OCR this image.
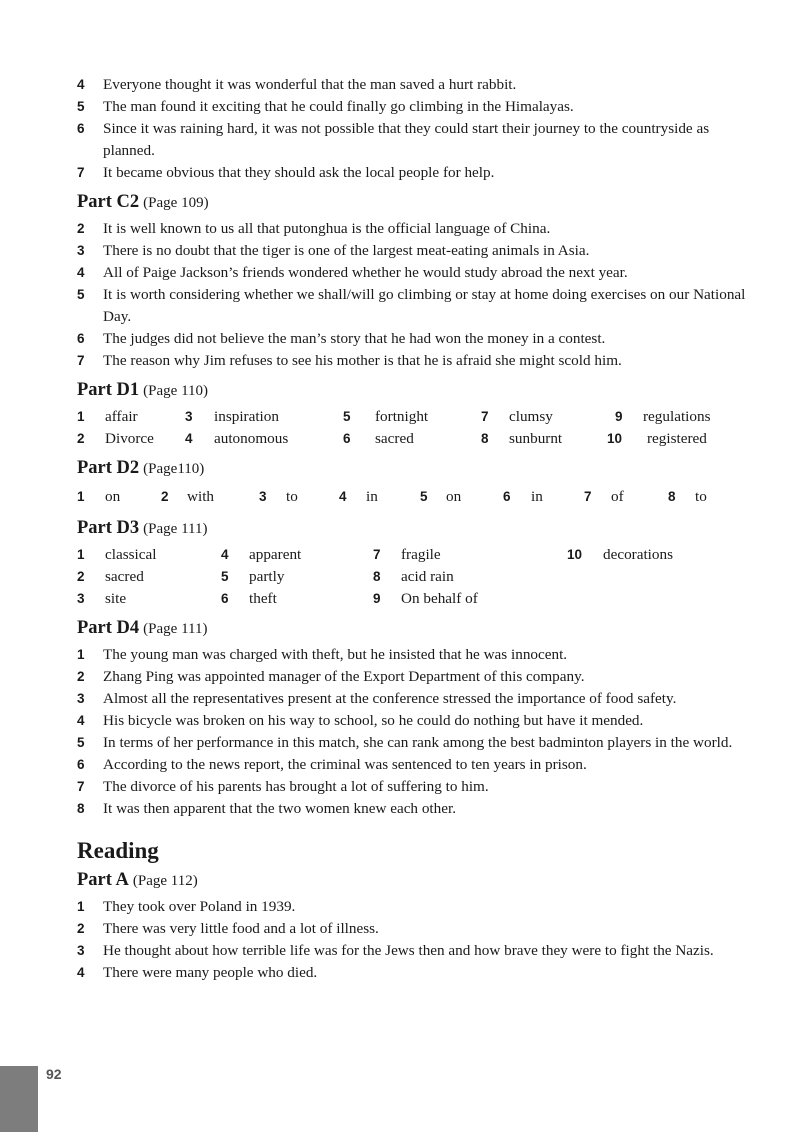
4	Everyone thought it was wonderful that the man saved a hurt rabbit.
5	The man found it exciting that he could finally go climbing in the Himalayas.
6	Since it was raining hard, it was not possible that they could start their journey to the countryside as planned.
7	It became obvious that they should ask the local people for help.
Part C2 (Page 109)
2	It is well known to us all that putonghua is the official language of China.
3	There is no doubt that the tiger is one of the largest meat-eating animals in Asia.
4	All of Paige Jackson’s friends wondered whether he would study abroad the next year.
5	It is worth considering whether we shall/will go climbing or stay at home doing exercises on our National Day.
6	The judges did not believe the man’s story that he had won the money in a contest.
7	The reason why Jim refuses to see his mother is that he is afraid she might scold him.
Part D1 (Page 110)
1	affair	3	inspiration	5	fortnight	7	clumsy	9	regulations
2	Divorce 4	autonomous	6	sacred	8	sunburnt	10	registered
Part D2 (Page110)
1	on	2	with	3	to	4	in	5	on	6	in	7	of	8	to
Part D3 (Page 111)
1	classical	4	apparent	7	fragile	10	decorations
2	sacred	5	partly	8	acid rain
3	site	6	theft	9	On behalf of
Part D4 (Page 111)
1	The young man was charged with theft, but he insisted that he was innocent.
2	Zhang Ping was appointed manager of the Export Department of this company.
3	Almost all the representatives present at the conference stressed the importance of food safety.
4	His bicycle was broken on his way to school, so he could do nothing but have it mended.
5	In terms of her performance in this match, she can rank among the best badminton players in the world.
6	According to the news report, the criminal was sentenced to ten years in prison.
7	The divorce of his parents has brought a lot of suffering to him.
8	It was then apparent that the two women knew each other.
Reading
Part A (Page 112)
1	They took over Poland in 1939.
2	There was very little food and a lot of illness.
3	He thought about how terrible life was for the Jews then and how brave they were to fight the Nazis.
4	There were many people who died.
92
